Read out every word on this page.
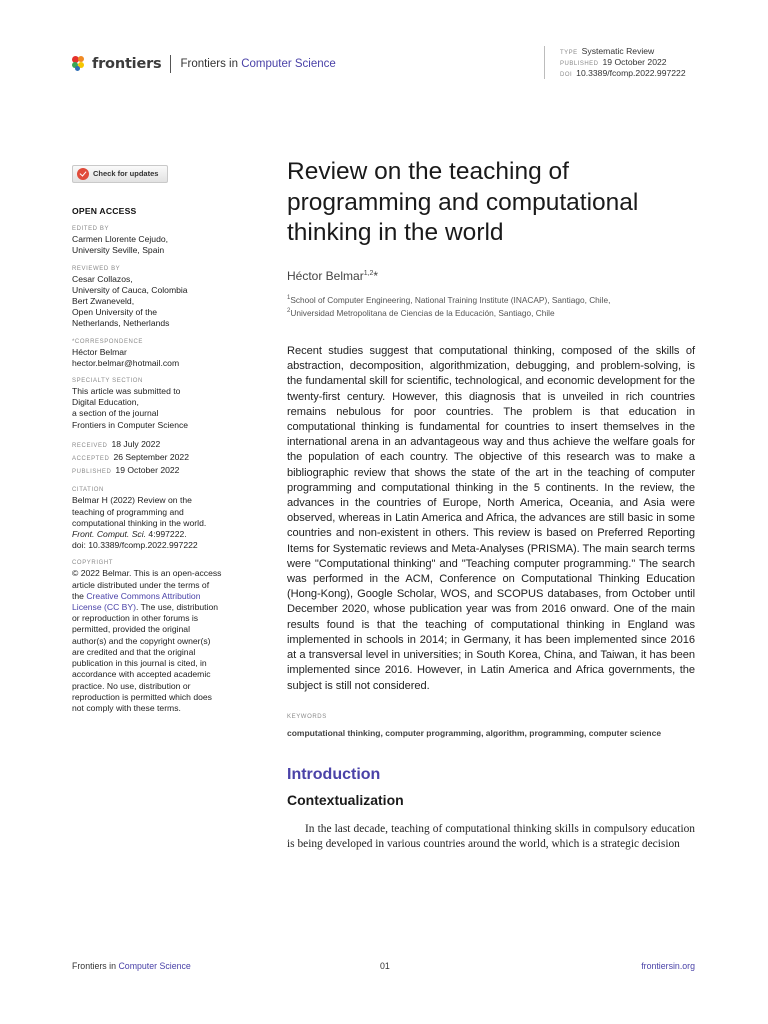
frontiers Frontiers in Computer Science
TYPE Systematic Review
PUBLISHED 19 October 2022
DOI 10.3389/fcomp.2022.997222
Check for updates
OPEN ACCESS
EDITED BY
Carmen Llorente Cejudo,
University Seville, Spain
REVIEWED BY
Cesar Collazos,
University of Cauca, Colombia
Bert Zwaneveld,
Open University of the
Netherlands, Netherlands
*CORRESPONDENCE
Héctor Belmar
hector.belmar@hotmail.com
SPECIALTY SECTION
This article was submitted to
Digital Education,
a section of the journal
Frontiers in Computer Science
RECEIVED 18 July 2022
ACCEPTED 26 September 2022
PUBLISHED 19 October 2022
CITATION
Belmar H (2022) Review on the
teaching of programming and
computational thinking in the world.
Front. Comput. Sci. 4:997222.
doi: 10.3389/fcomp.2022.997222
COPYRIGHT
© 2022 Belmar. This is an open-access
article distributed under the terms of
the Creative Commons Attribution
License (CC BY). The use, distribution
or reproduction in other forums is
permitted, provided the original
author(s) and the copyright owner(s)
are credited and that the original
publication in this journal is cited, in
accordance with accepted academic
practice. No use, distribution or
reproduction is permitted which does
not comply with these terms.
Review on the teaching of programming and computational thinking in the world
Héctor Belmar$^{1,2}$*
$^1$School of Computer Engineering, National Training Institute (INACAP), Santiago, Chile,
$^2$Universidad Metropolitana de Ciencias de la Educación, Santiago, Chile

Recent studies suggest that computational thinking, composed of the skills of abstraction, decomposition, algorithmization, debugging, and problem-solving, is the fundamental skill for scientific, technological, and economic development for the twenty-first century. However, this diagnosis that is unveiled in rich countries remains nebulous for poor countries. The problem is that education in computational thinking is fundamental for countries to insert themselves in the international arena in an advantageous way and thus achieve the welfare goals for the population of each country. The objective of this research was to make a bibliographic review that shows the state of the art in the teaching of computer programming and computational thinking in the 5 continents. In the review, the advances in the countries of Europe, North America, Oceania, and Asia were observed, whereas in Latin America and Africa, the advances are still basic in some countries and non-existent in others. This review is based on Preferred Reporting Items for Systematic reviews and Meta-Analyses (PRISMA). The main search terms were "Computational thinking" and "Teaching computer programming." The search was performed in the ACM, Conference on Computational Thinking Education (Hong-Kong), Google Scholar, WOS, and SCOPUS databases, from October until December 2020, whose publication year was from 2016 onward. One of the main results found is that the teaching of computational thinking in England was implemented in schools in 2014; in Germany, it has been implemented since 2016 at a transversal level in universities; in South Korea, China, and Taiwan, it has been implemented since 2016. However, in Latin America and Africa governments, the subject is still not considered.

KEYWORDS
computational thinking, computer programming, algorithm, programming, computer science
Introduction
Contextualization

In the last decade, teaching of computational thinking skills in compulsory education is being developed in various countries around the world, which is a strategic decision

Frontiers in Computer Science	01	frontiersin.org
